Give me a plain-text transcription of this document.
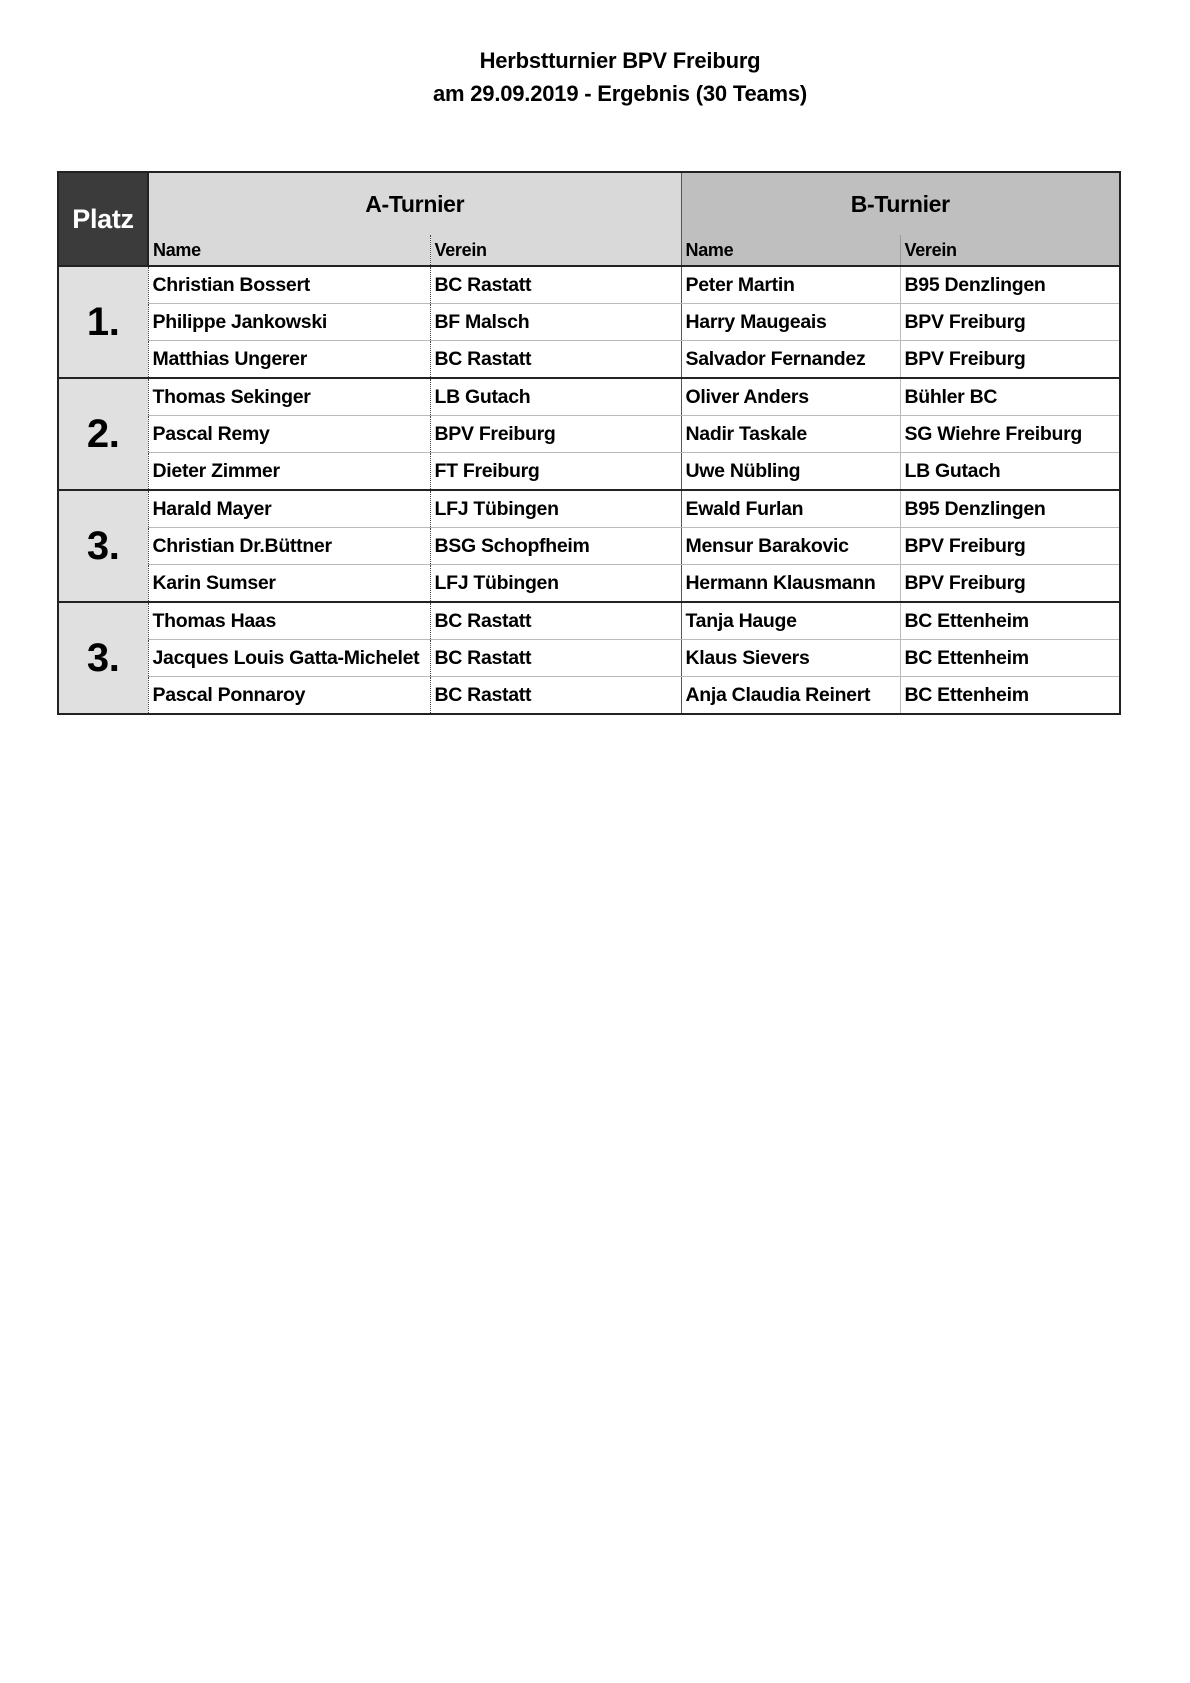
Herbstturnier BPV Freiburg
am 29.09.2019 - Ergebnis (30 Teams)
Platz	A-Turnier		B-Turnier	
	Name	Verein	Name	Verein
1.	Christian Bossert	BC Rastatt	Peter Martin	B95 Denzlingen
	Philippe Jankowski	BF Malsch	Harry Maugeais	BPV Freiburg
	Matthias Ungerer	BC Rastatt	Salvador Fernandez	BPV Freiburg
2.	Thomas Sekinger	LB Gutach	Oliver Anders	Bühler BC
	Pascal Remy	BPV Freiburg	Nadir Taskale	SG Wiehre Freiburg
	Dieter Zimmer	FT Freiburg	Uwe Nübling	LB Gutach
3.	Harald Mayer	LFJ Tübingen	Ewald Furlan	B95 Denzlingen
	Christian Dr.Büttner	BSG Schopfheim	Mensur Barakovic	BPV Freiburg
	Karin Sumser	LFJ Tübingen	Hermann Klausmann	BPV Freiburg
3.	Thomas Haas	BC Rastatt	Tanja Hauge	BC Ettenheim
	Jacques Louis Gatta-Michelet	BC Rastatt	Klaus Sievers	BC Ettenheim
	Pascal Ponnaroy	BC Rastatt	Anja Claudia Reinert	BC Ettenheim
